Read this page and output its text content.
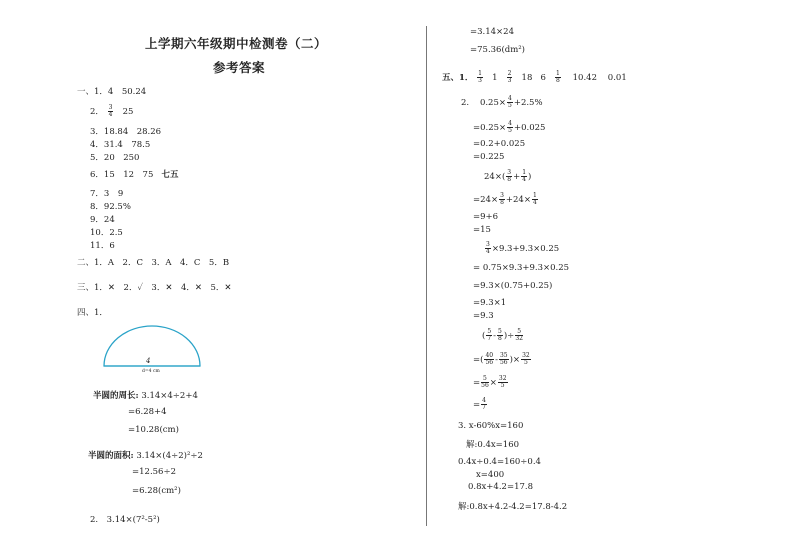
上学期六年级期中检测卷（二）
参考答案
一、1．4　50.24
2． $\frac{3}{4} 25$
3．18.84　28.26
4．31.4　78.5
5．20　250
6．15　12　75 七五
7．3　9
8．92.5%
9．24
10．2.5
11．6
二、1．A　2．C　3．A　4．C　5．B
三、1．✕　2．✓　3．✕　4．✕　5．✕
四、1．
4
d=4 cm
半圆的周长: 3.14×4÷2+4
=6.28+4
=10.28(cm)
半圆的面积: 3.14×(4÷2)²÷2
=12.56÷2
=6.28(cm²)
2.　3.14×(7²-5²)
=3.14×24
=75.36(dm²)
五、1． $\frac{1}{3} 1 \frac{2}{3} 18$ $6 \frac{1}{8} 10.42$ 0.01
2. $0.25\times \frac{4}{5} +2.5\%$
$=0.25\times \frac{4}{5} +0.025$
=0.2+0.025
=0.225
$24\times( \frac{3}{8} + \frac{1}{4}$ )
$=24\times \frac{3}{8} +24\times \frac{1}{4}$
=9+6
=15
$\frac{3}{4} \times 9.3+9.3\times 0.25$
= 0.75×9.3+9.3×0.25
=9.3×(0.75+0.25)
=9.3×1
=9.3
( $\frac{5}{7} - \frac{5}{8}$ )÷ $\frac{5}{32}$
=( $\frac{40}{56} - \frac{35}{56}$ )× $\frac{32}{5}$
= $\frac{5}{56} \times \frac{32}{5}$
= $\frac{4}{7}$
3. x-60%x=160
解:0.4x=160
0.4x÷0.4=160÷0.4
x=400
0.8x+4.2=17.8
解:0.8x+4.2-4.2=17.8-4.2
